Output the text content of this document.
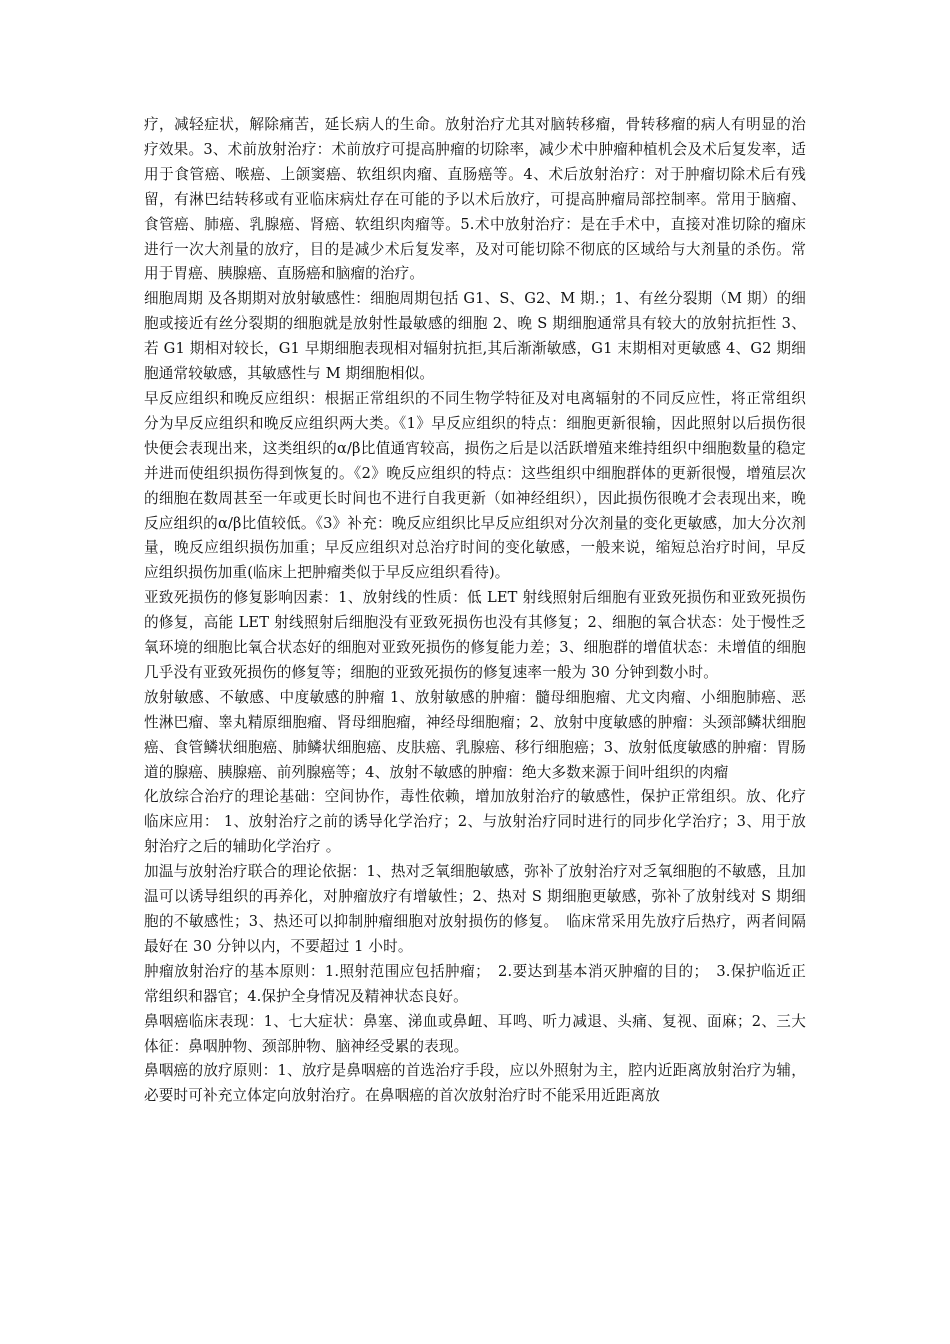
疗，减轻症状，解除痛苦，延长病人的生命。放射治疗尤其对脑转移瘤，骨转移瘤的病人有明显的治疗效果。3、术前放射治疗：术前放疗可提高肿瘤的切除率，减少术中肿瘤种植机会及术后复发率，适用于食管癌、喉癌、上颌窦癌、软组织肉瘤、直肠癌等。4、术后放射治疗：对于肿瘤切除术后有残留，有淋巴结转移或有亚临床病灶存在可能的予以术后放疗，可提高肿瘤局部控制率。常用于脑瘤、食管癌、肺癌、乳腺癌、肾癌、软组织肉瘤等。5.术中放射治疗：是在手术中，直接对准切除的瘤床进行一次大剂量的放疗，目的是减少术后复发率，及对可能切除不彻底的区域给与大剂量的杀伤。常用于胃癌、胰腺癌、直肠癌和脑瘤的治疗。

细胞周期 及各期期对放射敏感性：细胞周期包括 G1、S、G2、M 期.；1、有丝分裂期（M 期）的细胞或接近有丝分裂期的细胞就是放射性最敏感的细胞 2、晚 S 期细胞通常具有较大的放射抗拒性 3、若 G1 期相对较长，G1 早期细胞表现相对辐射抗拒,其后渐渐敏感，G1 末期相对更敏感 4、G2 期细胞通常较敏感，其敏感性与 M 期细胞相似。

早反应组织和晚反应组织：根据正常组织的不同生物学特征及对电离辐射的不同反应性，将正常组织分为早反应组织和晚反应组织两大类。《1》早反应组织的特点：细胞更新很输，因此照射以后损伤很快便会表现出来，这类组织的α/β比值通宵较高，损伤之后是以活跃增殖来维持组织中细胞数量的稳定并进而使组织损伤得到恢复的。《2》晚反应组织的特点：这些组织中细胞群体的更新很慢，增殖层次的细胞在数周甚至一年或更长时间也不进行自我更新（如神经组织），因此损伤很晚才会表现出来，晚反应组织的α/β比值较低。《3》补充：晚反应组织比早反应组织对分次剂量的变化更敏感，加大分次剂量，晚反应组织损伤加重；早反应组织对总治疗时间的变化敏感，一般来说，缩短总治疗时间，早反应组织损伤加重(临床上把肿瘤类似于早反应组织看待)。

亚致死损伤的修复影响因素：1、放射线的性质：低 LET 射线照射后细胞有亚致死损伤和亚致死损伤的修复，高能 LET 射线照射后细胞没有亚致死损伤也没有其修复；2、细胞的氧合状态：处于慢性乏氧环境的细胞比氧合状态好的细胞对亚致死损伤的修复能力差；3、细胞群的增值状态：未增值的细胞几乎没有亚致死损伤的修复等；细胞的亚致死损伤的修复速率一般为 30 分钟到数小时。

放射敏感、不敏感、中度敏感的肿瘤 1、放射敏感的肿瘤：髓母细胞瘤、尤文肉瘤、小细胞肺癌、恶性淋巴瘤、睾丸精原细胞瘤、肾母细胞瘤，神经母细胞瘤；2、放射中度敏感的肿瘤：头颈部鳞状细胞癌、食管鳞状细胞癌、肺鳞状细胞癌、皮肤癌、乳腺癌、移行细胞癌；3、放射低度敏感的肿瘤：胃肠道的腺癌、胰腺癌、前列腺癌等；4、放射不敏感的肿瘤：绝大多数来源于间叶组织的肉瘤

化放综合治疗的理论基础：空间协作，毒性依赖，增加放射治疗的敏感性，保护正常组织。放、化疗临床应用： 1、放射治疗之前的诱导化学治疗；2、与放射治疗同时进行的同步化学治疗；3、用于放射治疗之后的辅助化学治疗 。

加温与放射治疗联合的理论依据：1、热对乏氧细胞敏感，弥补了放射治疗对乏氧细胞的不敏感，且加温可以诱导组织的再养化，对肿瘤放疗有增敏性；2、热对 S 期细胞更敏感，弥补了放射线对 S 期细胞的不敏感性；3、热还可以抑制肿瘤细胞对放射损伤的修复。　临床常采用先放疗后热疗，两者间隔最好在 30 分钟以内，不要超过 1 小时。

肿瘤放射治疗的基本原则：1.照射范围应包括肿瘤；　2.要达到基本消灭肿瘤的目的；　3.保护临近正常组织和器官；4.保护全身情况及精神状态良好。

鼻咽癌临床表现：1、七大症状：鼻塞、涕血或鼻衄、耳鸣、听力减退、头痛、复视、面麻；2、三大体征：鼻咽肿物、颈部肿物、脑神经受累的表现。

鼻咽癌的放疗原则：1、放疗是鼻咽癌的首选治疗手段，应以外照射为主，腔内近距离放射治疗为辅，必要时可补充立体定向放射治疗。在鼻咽癌的首次放射治疗时不能采用近距离放
